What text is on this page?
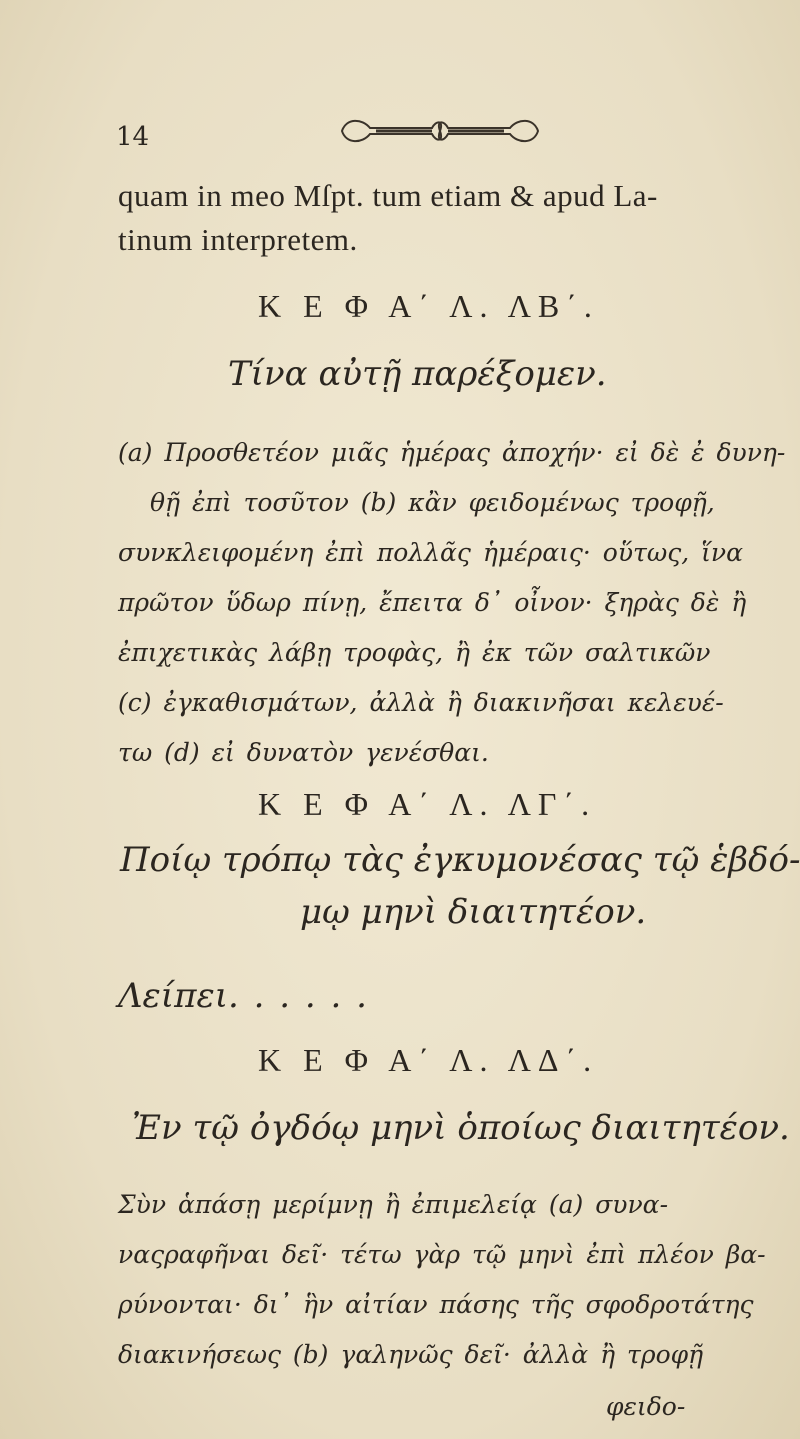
14
quam in meo Mſpt. tum etiam & apud La-
tinum interpretem.
Κ Ε Φ Α΄ Λ. ΛΒ΄.
Τίνα αὐτῇ παρέξομεν.
(a) Προσθετέον μιᾶς ἡμέρας ἀποχήν· εἰ δὲ ἐ δυνη-
θῇ ἐπὶ τοσῦτον (b) κἂν φειδομένως τροφῇ,
συνκλειφομένη ἐπὶ πολλᾶς ἡμέραις· οὕτως, ἵνα
πρῶτον ὕδωρ πίνῃ, ἔπειτα δ᾽ οἶνον· ξηρὰς δὲ ἢ
ἐπιχετικὰς λάβῃ τροφὰς, ἢ ἐκ τῶν σαλτικῶν
(c) ἐγκαθισμάτων, ἀλλὰ ἢ διακινῆσαι κελευέ-
τω (d) εἰ δυνατὸν γενέσθαι.
Κ Ε Φ Α΄ Λ. ΛΓ΄.
Ποίῳ τρόπῳ τὰς ἐγκυμονέσας τῷ ἑβδό-
μῳ μηνὶ διαιτητέον.
Λείπει. . . . . .
Κ Ε Φ Α΄ Λ. ΛΔ΄.
Ἐν τῷ ὀγδόῳ μηνὶ ὁποίως διαιτητέον.
Σὺν ἁπάσῃ μερίμνῃ ἢ ἐπιμελείᾳ (a) συνα-
ναςραφῆναι δεῖ· τέτω γὰρ τῷ μηνὶ ἐπὶ πλέον βα-
ρύνονται· δι᾽ ἣν αἰτίαν πάσης τῆς σφοδροτάτης
διακινήσεως (b) γαληνῶς δεῖ· ἀλλὰ ἢ τροφῇ
φειδο-
